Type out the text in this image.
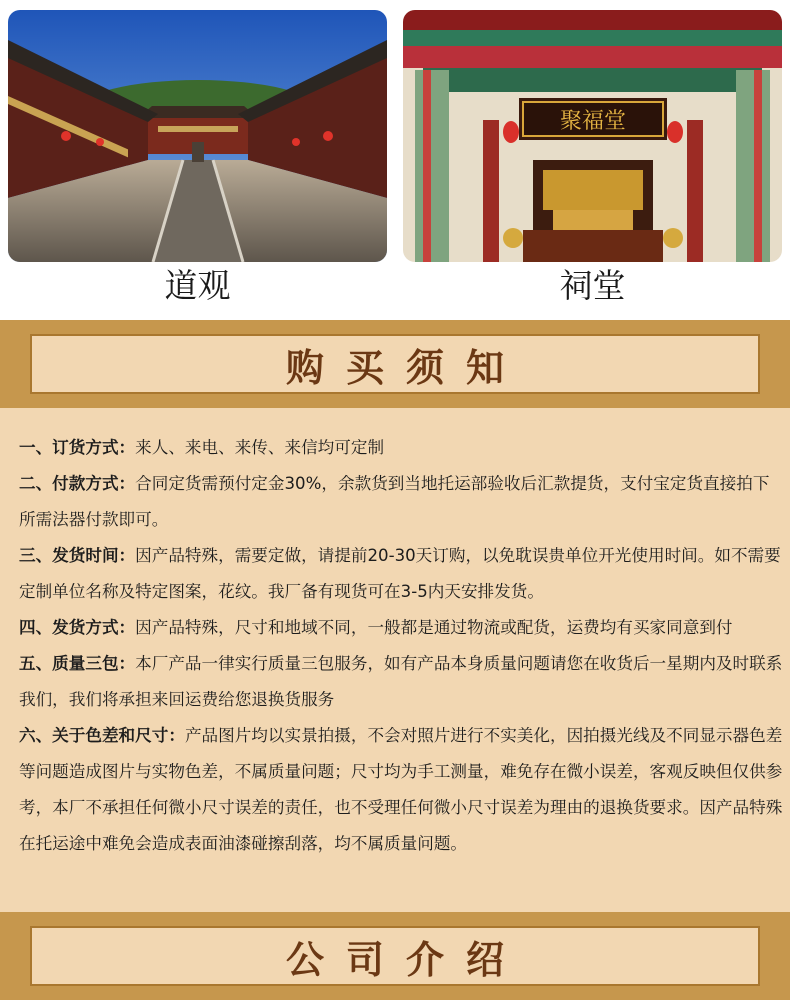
道观
聚福堂
祠堂
购买须知

一、订货方式：来人、来电、来传、来信均可定制

二、付款方式：合同定货需预付定金30%，余款货到当地托运部验收后汇款提货，支付宝定货直接拍下所需法器付款即可。

三、发货时间：因产品特殊，需要定做，请提前20-30天订购，以免耽误贵单位开光使用时间。如不需要定制单位名称及特定图案，花纹。我厂备有现货可在3-5内天安排发货。

四、发货方式：因产品特殊，尺寸和地域不同，一般都是通过物流或配货，运费均有买家同意到付

五、质量三包：本厂产品一律实行质量三包服务，如有产品本身质量问题请您在收货后一星期内及时联系我们，我们将承担来回运费给您退换货服务

六、关于色差和尺寸：产品图片均以实景拍摄，不会对照片进行不实美化，因拍摄光线及不同显示器色差等问题造成图片与实物色差，不属质量问题；尺寸均为手工测量，难免存在微小误差，客观反映但仅供参考，本厂不承担任何微小尺寸误差的责任，也不受理任何微小尺寸误差为理由的退换货要求。因产品特殊在托运途中难免会造成表面油漆碰擦刮落，均不属质量问题。

公司介绍
